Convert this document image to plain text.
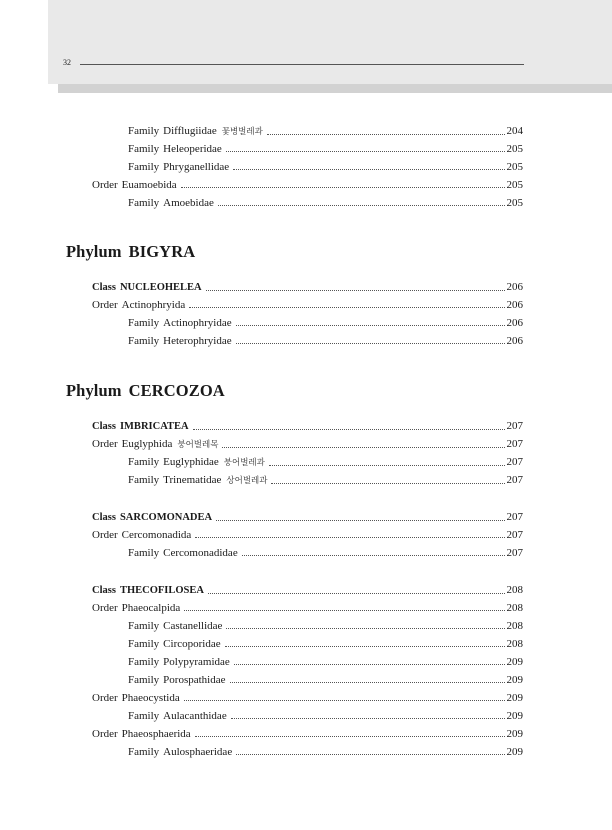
32
Family Difflugiidae 꽃병벌레과	204
Family Heleoperidae	205
Family Phryganellidae	205
Order Euamoebida	205
Family Amoebidae	205
Phylum BIGYRA
Class NUCLEOHELEA	206
Order Actinophryida	206
Family Actinophryidae	206
Family Heterophryidae	206
Phylum CERCOZOA
Class IMBRICATEA	207
Order Euglyphida 붕어벌레목	207
Family Euglyphidae 붕어벌레과	207
Family Trinematidae 상어벌레과	207
Class SARCOMONADEA	207
Order Cercomonadida	207
Family Cercomonadidae	207
Class THECOFILOSEA	208
Order Phaeocalpida	208
Family Castanellidae	208
Family Circoporidae	208
Family Polypyramidae	209
Family Porospathidae	209
Order Phaeocystida	209
Family Aulacanthidae	209
Order Phaeosphaerida	209
Family Aulosphaeridae	209
